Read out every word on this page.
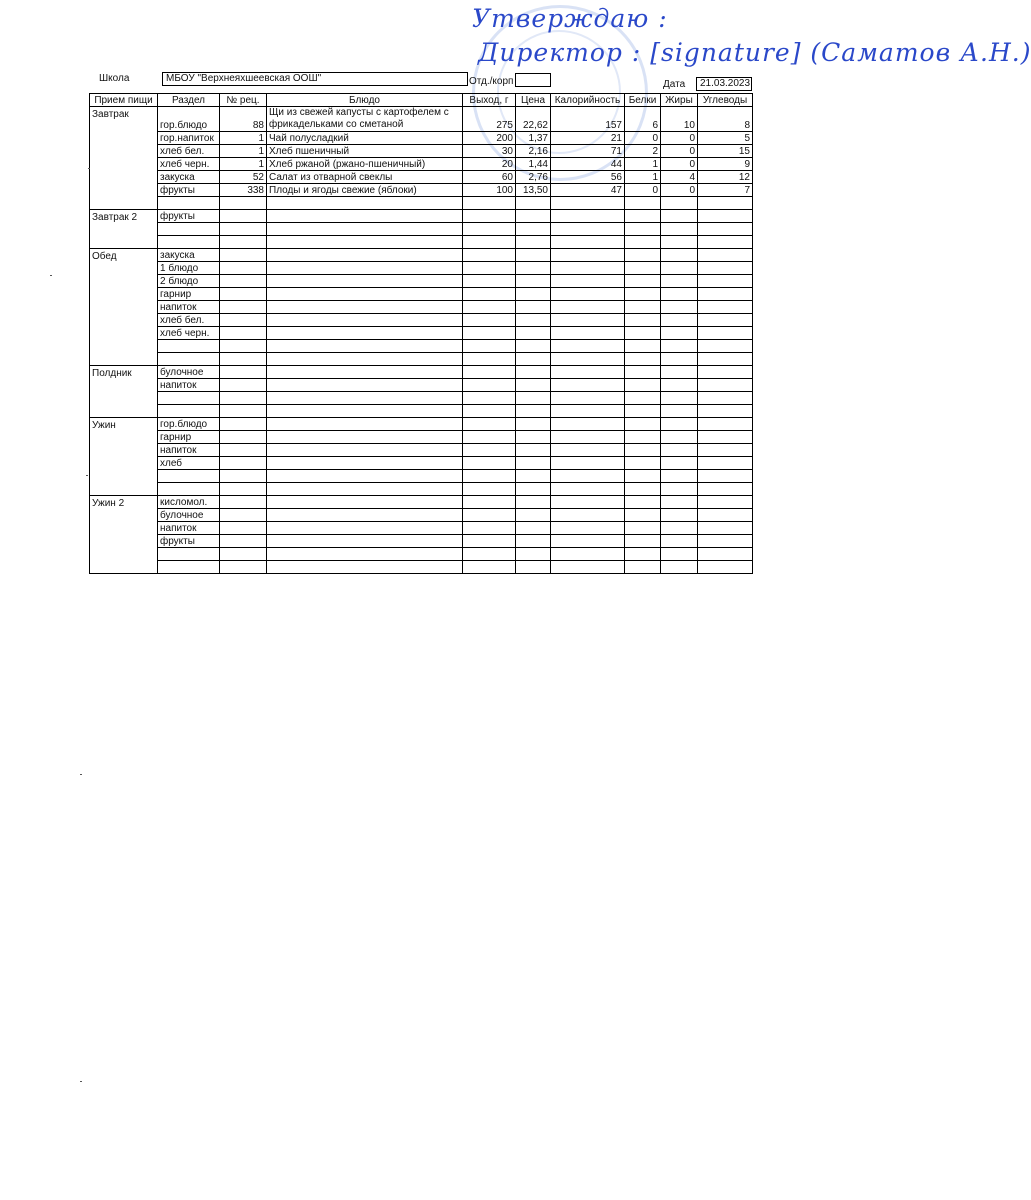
Утверждаю :
Директор : [signature] (Саматов А.Н.)
Школа	МБОУ "Верхнеяхшеевская ООШ"	Отд./корп	Дата	21.03.2023
Прием пищи	Раздел	№ рец.	Блюдо	Выход, г	Цена	Калорийность	Белки	Жиры	Углеводы
Завтрак	гор.блюдо	88	Щи из свежей капусты с картофелем с фрикадельками со сметаной	275	22,62	157	6	10	8
	гор.напиток	1	Чай полусладкий	200	1,37	21	0	0	5
	хлеб бел.	1	Хлеб пшеничный	30	2,16	71	2	0	15
	хлеб черн.	1	Хлеб ржаной (ржано-пшеничный)	20	1,44	44	1	0	9
	закуска	52	Салат из отварной свеклы	60	2,76	56	1	4	12
	фрукты	338	Плоды и ягоды свежие (яблоки)	100	13,50	47	0	0	7

Завтрак 2	фрукты								

Обед	закуска								
	1 блюдо								
	2 блюдо								
	гарнир								
	напиток								
	хлеб бел.								
	хлеб черн.								

Полдник	булочное								
	напиток								

Ужин	гор.блюдо								
	гарнир								
	напиток								
	хлеб								

Ужин 2	кисломол.								
	булочное								
	напиток								
	фрукты								
